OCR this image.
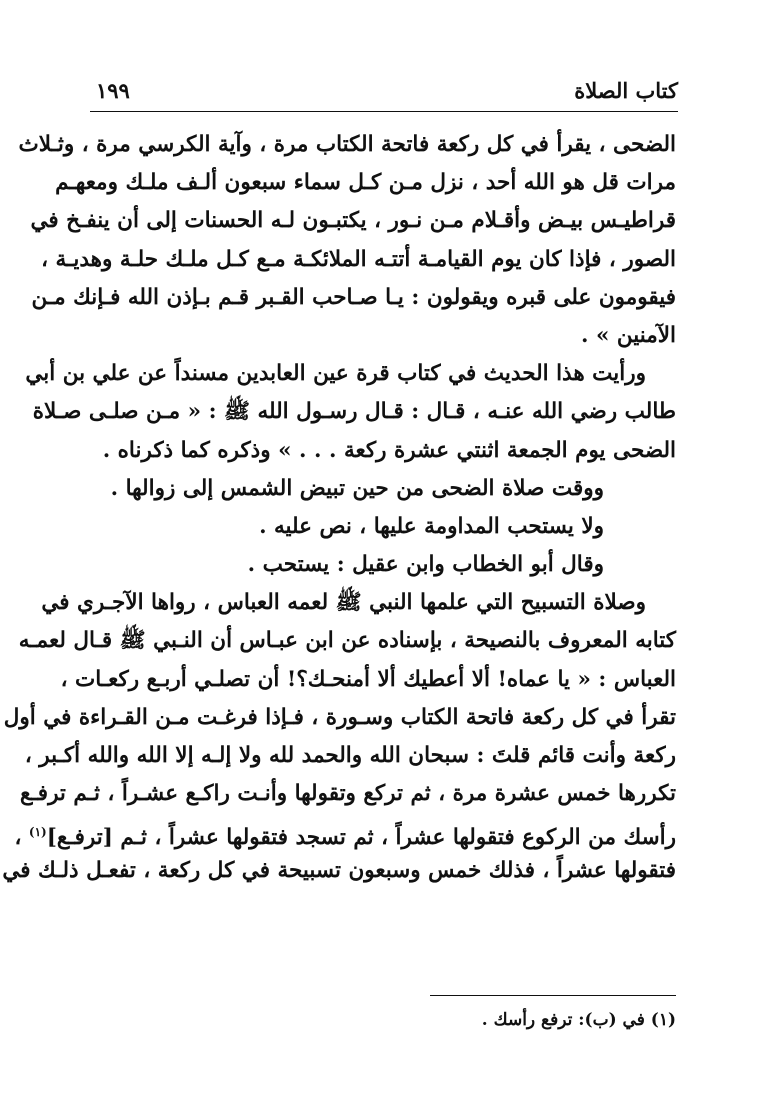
كتاب الصلاة
١٩٩
الضحى ، يقرأ في كل ركعة فاتحة الكتاب مرة ، وآية الكرسي مرة ، وثـلاث
مرات قل هو الله أحد ، نزل مـن كـل سماء سبعون ألـف ملـك ومعهـم
قراطيـس بيـض وأقـلام مـن نـور ، يكتبـون لـه الحسنات إلى أن ينفـخ في
الصور ، فإذا كان يوم القيامـة أتتـه الملائكـة مـع كـل ملـك حلـة وهديـة ،
فيقومون على قبره ويقولون : يـا صـاحب القـبر قـم بـإذن الله فـإنك مـن
الآمنين » .
ورأيت هذا الحديث في كتاب قرة عين العابدين مسنداً عن علي بن أبي
طالب رضي الله عنـه ، قـال : قـال رسـول الله ﷺ : « مـن صلـى صـلاة
الضحى يوم الجمعة اثنتي عشرة ركعة . . . » وذكره كما ذكرناه .
ووقت صلاة الضحى من حين تبيض الشمس إلى زوالها .
ولا يستحب المداومة عليها ، نص عليه .
وقال أبو الخطاب وابن عقيل : يستحب .
وصلاة التسبيح التي علمها النبي ﷺ لعمه العباس ، رواها الآجـري في
كتابه المعروف بالنصيحة ، بإسناده عن ابن عبـاس أن النـبي ﷺ قـال لعمـه
العباس : « يا عماه! ألا أعطيك ألا أمنحـك؟! أن تصلـي أربـع ركعـات ،
تقرأ في كل ركعة فاتحة الكتاب وسـورة ، فـإذا فرغـت مـن القـراءة في أول
ركعة وأنت قائم قلتَ : سبحان الله والحمد لله ولا إلـه إلا الله والله أكـبر ،
تكررها خمس عشرة مرة ، ثم تركع وتقولها وأنـت راكـع عشـراً ، ثـم ترفـع
رأسك من الركوع فتقولها عشراً ، ثم تسجد فتقولها عشراً ، ثـم [ترفـع]$^{(١)}$ ،
فتقولها عشراً ، فذلك خمس وسبعون تسبيحة في كل ركعة ، تفعـل ذلـك في
(١) في (ب): ترفع رأسك .
